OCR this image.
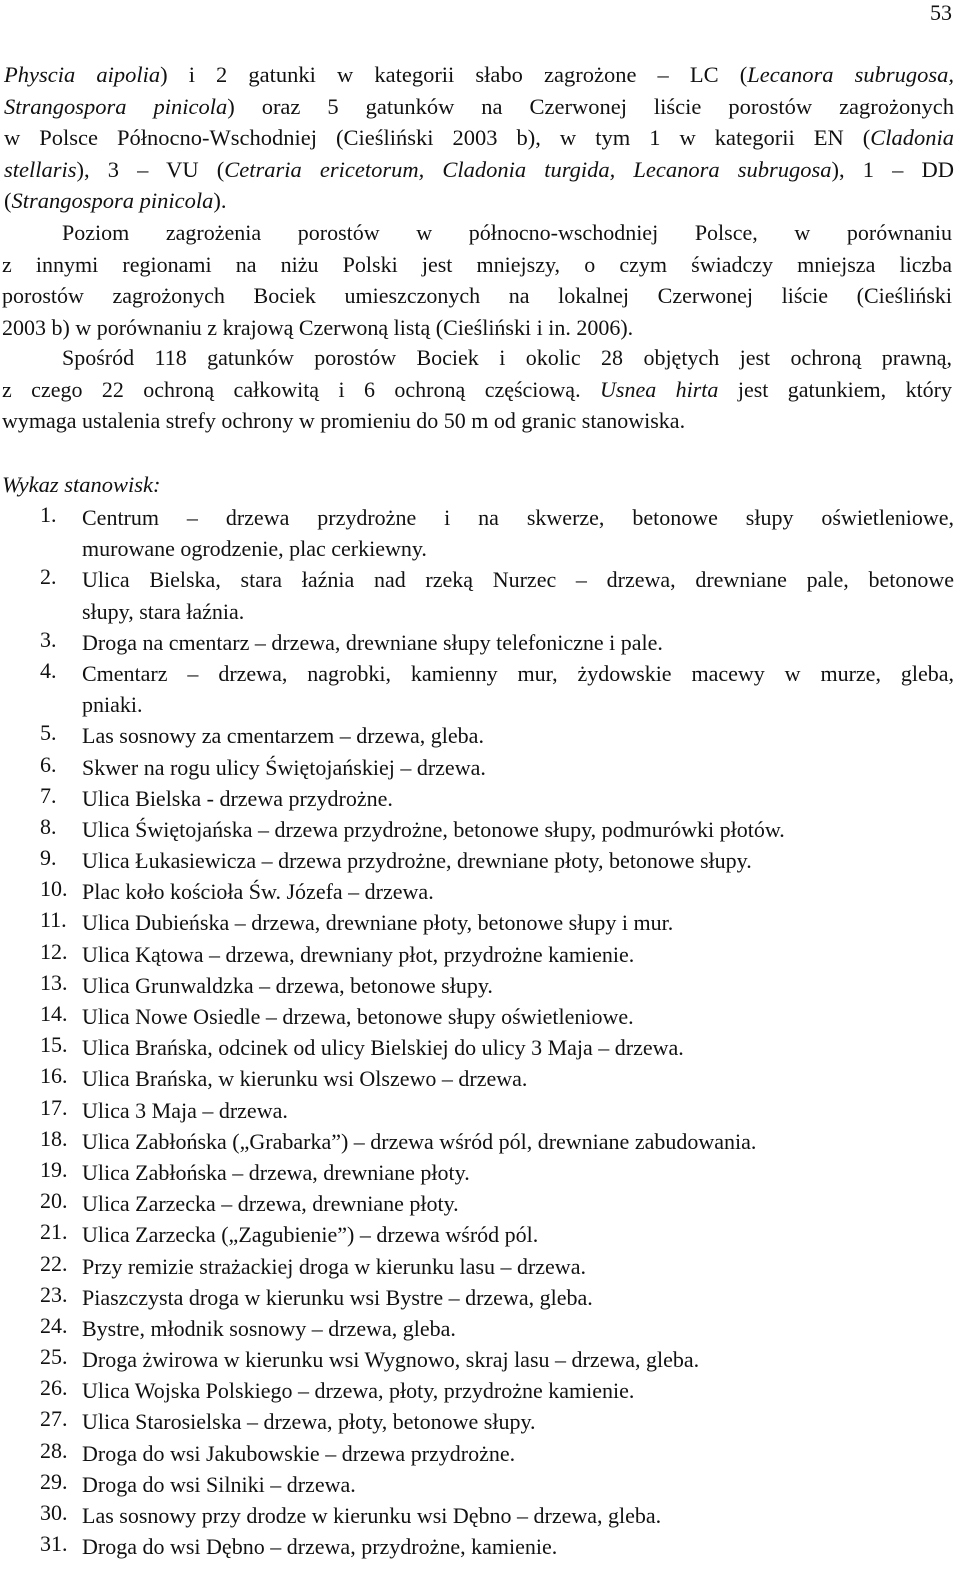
53
Physcia aipolia) i 2 gatunki w kategorii słabo zagrożone – LC (Lecanora subrugosa,
Strangospora pinicola) oraz 5 gatunków na Czerwonej liście porostów zagrożonych
w Polsce Północno-Wschodniej (Cieśliński 2003 b), w tym 1 w kategorii EN (Cladonia
stellaris), 3 – VU (Cetraria ericetorum, Cladonia turgida, Lecanora subrugosa), 1 – DD
(Strangospora pinicola).
Poziom zagrożenia porostów w północno-wschodniej Polsce, w porównaniu
z innymi regionami na niżu Polski jest mniejszy, o czym świadczy mniejsza liczba
porostów zagrożonych Bociek umieszczonych na lokalnej Czerwonej liście (Cieśliński
2003 b) w porównaniu z krajową Czerwoną listą (Cieśliński i in. 2006).
Spośród 118 gatunków porostów Bociek i okolic 28 objętych jest ochroną prawną,
z czego 22 ochroną całkowitą i 6 ochroną częściową. Usnea hirta jest gatunkiem, który
wymaga ustalenia strefy ochrony w promieniu do 50 m od granic stanowiska.
Wykaz stanowisk:
1.	Centrum – drzewa przydrożne i na skwerze, betonowe słupy oświetleniowe,
murowane ogrodzenie, plac cerkiewny.
2.	Ulica Bielska, stara łaźnia nad rzeką Nurzec – drzewa, drewniane pale, betonowe
słupy, stara łaźnia.
3.	Droga na cmentarz – drzewa, drewniane słupy telefoniczne i pale.
4.	Cmentarz – drzewa, nagrobki, kamienny mur, żydowskie macewy w murze, gleba,
pniaki.
5.	Las sosnowy za cmentarzem – drzewa, gleba.
6.	Skwer na rogu ulicy Świętojańskiej – drzewa.
7.	Ulica Bielska - drzewa przydrożne.
8.	Ulica Świętojańska – drzewa przydrożne, betonowe słupy, podmurówki płotów.
9.	Ulica Łukasiewicza – drzewa przydrożne, drewniane płoty, betonowe słupy.
10. Plac koło kościoła Św. Józefa – drzewa.
11. Ulica Dubieńska – drzewa, drewniane płoty, betonowe słupy i mur.
12. Ulica Kątowa – drzewa, drewniany płot, przydrożne kamienie.
13. Ulica Grunwaldzka – drzewa, betonowe słupy.
14. Ulica Nowe Osiedle – drzewa, betonowe słupy oświetleniowe.
15. Ulica Brańska, odcinek od ulicy Bielskiej do ulicy 3 Maja – drzewa.
16. Ulica Brańska, w kierunku wsi Olszewo – drzewa.
17. Ulica 3 Maja – drzewa.
18. Ulica Zabłońska („Grabarka”) – drzewa wśród pól, drewniane zabudowania.
19. Ulica Zabłońska – drzewa, drewniane płoty.
20. Ulica Zarzecka – drzewa, drewniane płoty.
21. Ulica Zarzecka („Zagubienie”) – drzewa wśród pól.
22. Przy remizie strażackiej droga w kierunku lasu – drzewa.
23. Piaszczysta droga w kierunku wsi Bystre – drzewa, gleba.
24. Bystre, młodnik sosnowy – drzewa, gleba.
25. Droga żwirowa w kierunku wsi Wygnowo, skraj lasu – drzewa, gleba.
26. Ulica Wojska Polskiego – drzewa, płoty, przydrożne kamienie.
27. Ulica Starosielska – drzewa, płoty, betonowe słupy.
28. Droga do wsi Jakubowskie – drzewa przydrożne.
29. Droga do wsi Silniki – drzewa.
30. Las sosnowy przy drodze w kierunku wsi Dębno – drzewa, gleba.
31. Droga do wsi Dębno – drzewa, przydrożne, kamienie.
